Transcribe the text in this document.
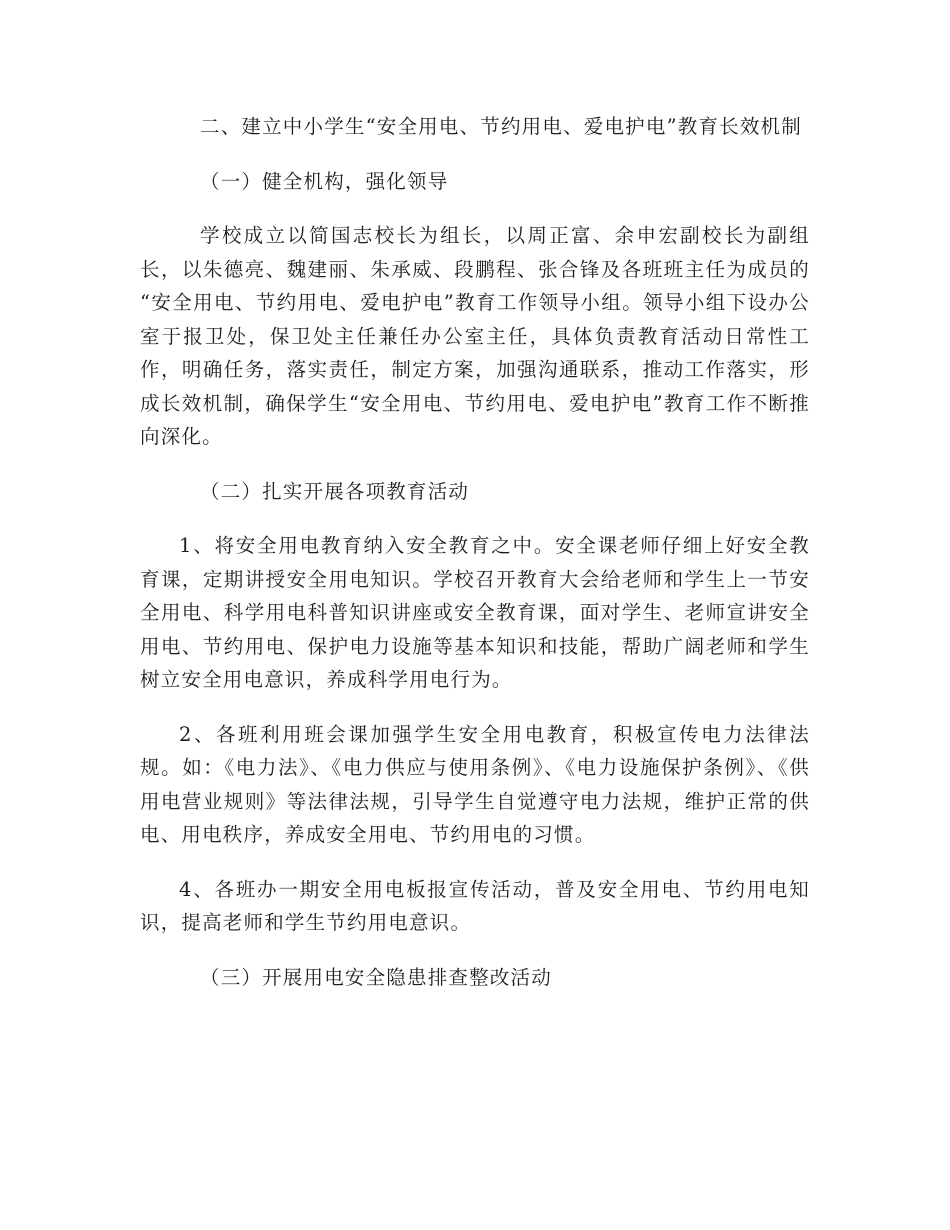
二、建立中小学生“安全用电、节约用电、爱电护电”教育长效机制

（一）健全机构，强化领导

学校成立以简国志校长为组长，以周正富、余申宏副校长为副组长，以朱德亮、魏建丽、朱承威、段鹏程、张合锋及各班班主任为成员的 “安全用电、节约用电、爱电护电”教育工作领导小组。领导小组下设办公室于报卫处，保卫处主任兼任办公室主任，具体负责教育活动日常性工作，明确任务，落实责任，制定方案，加强沟通联系，推动工作落实，形成长效机制，确保学生“安全用电、节约用电、爱电护电”教育工作不断推向深化。

（二）扎实开展各项教育活动

1、将安全用电教育纳入安全教育之中。安全课老师仔细上好安全教育课，定期讲授安全用电知识。学校召开教育大会给老师和学生上一节安全用电、科学用电科普知识讲座或安全教育课，面对学生、老师宣讲安全用电、节约用电、保护电力设施等基本知识和技能，帮助广阔老师和学生树立安全用电意识，养成科学用电行为。

2、各班利用班会课加强学生安全用电教育，积极宣传电力法律法规。如：《电力法》、《电力供应与使用条例》、《电力设施保护条例》、《供用电营业规则》等法律法规，引导学生自觉遵守电力法规，维护正常的供电、用电秩序，养成安全用电、节约用电的习惯。

4、各班办一期安全用电板报宣传活动，普及安全用电、节约用电知识，提高老师和学生节约用电意识。

（三）开展用电安全隐患排查整改活动
